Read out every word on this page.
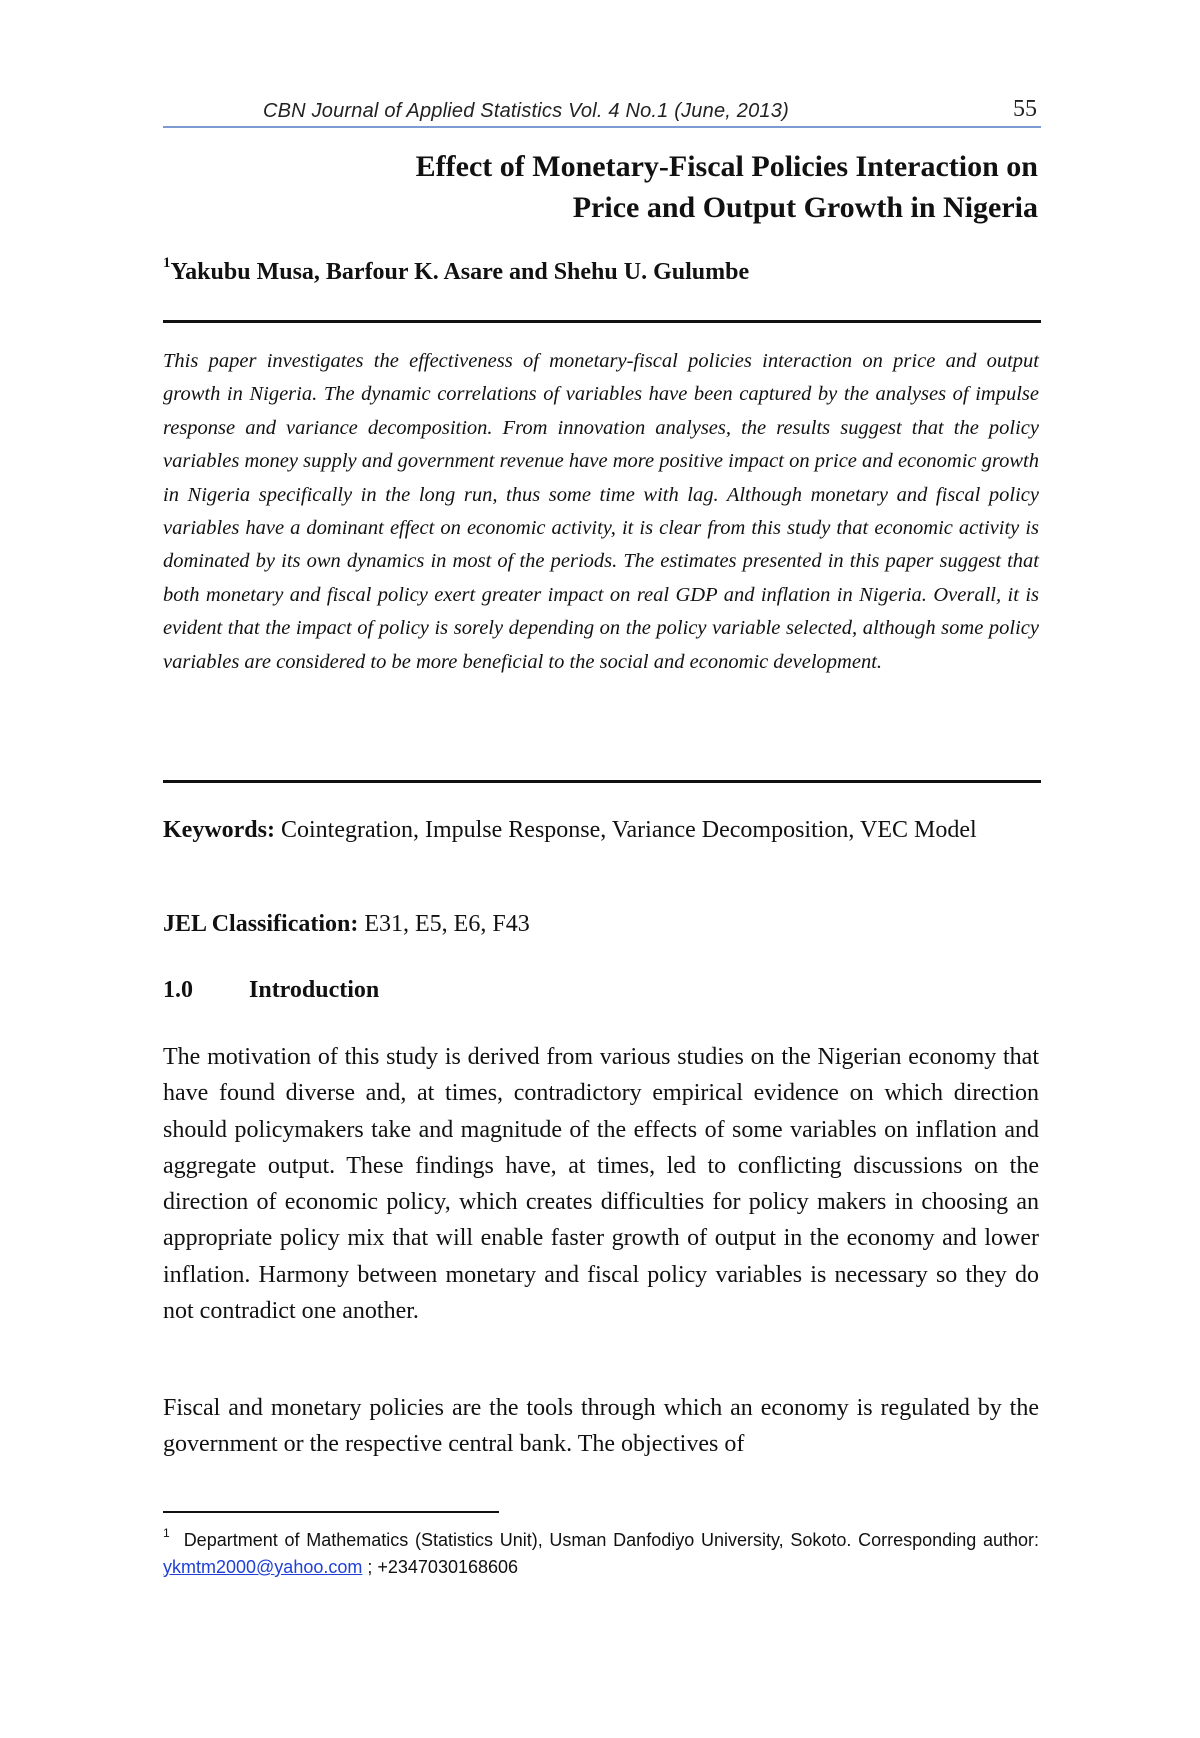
CBN Journal of Applied Statistics Vol. 4 No.1 (June, 2013)	55
Effect of Monetary-Fiscal Policies Interaction on
Price and Output Growth in Nigeria
$^1$Yakubu Musa, Barfour K. Asare and Shehu U. Gulumbe
This paper investigates the effectiveness of monetary-fiscal policies interaction on price and output growth in Nigeria. The dynamic correlations of variables have been captured by the analyses of impulse response and variance decomposition. From innovation analyses, the results suggest that the policy variables money supply and government revenue have more positive impact on price and economic growth in Nigeria specifically in the long run, thus some time with lag. Although monetary and fiscal policy variables have a dominant effect on economic activity, it is clear from this study that economic activity is dominated by its own dynamics in most of the periods. The estimates presented in this paper suggest that both monetary and fiscal policy exert greater impact on real GDP and inflation in Nigeria. Overall, it is evident that the impact of policy is sorely depending on the policy variable selected, although some policy variables are considered to be more beneficial to the social and economic development.
Keywords: Cointegration, Impulse Response, Variance Decomposition, VEC Model
JEL Classification: E31, E5, E6, F43
1.0 Introduction
The motivation of this study is derived from various studies on the Nigerian economy that have found diverse and, at times, contradictory empirical evidence on which direction should policymakers take and magnitude of the effects of some variables on inflation and aggregate output. These findings have, at times, led to conflicting discussions on the direction of economic policy, which creates difficulties for policy makers in choosing an appropriate policy mix that will enable faster growth of output in the economy and lower inflation. Harmony between monetary and fiscal policy variables is necessary so they do not contradict one another.
Fiscal and monetary policies are the tools through which an economy is regulated by the government or the respective central bank. The objectives of
$^1$ Department of Mathematics (Statistics Unit), Usman Danfodiyo University, Sokoto. Corresponding author: ykmtm2000@yahoo.com ; +2347030168606
